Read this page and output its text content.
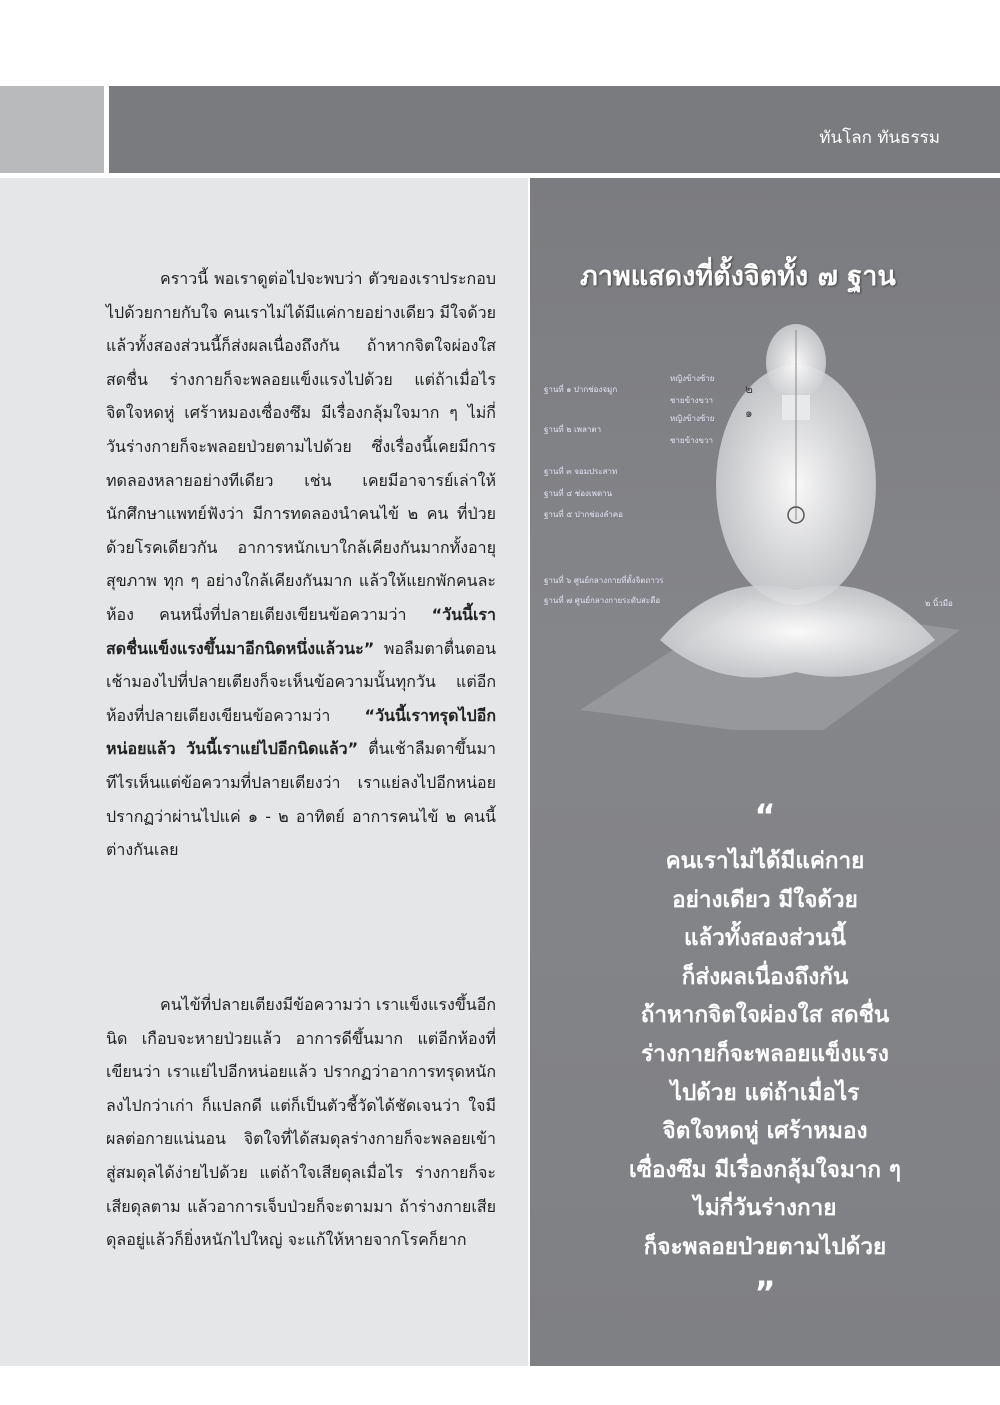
ทันโลก ทันธรรม

คราวนี้ พอเราดูต่อไปจะพบว่า ตัวของเราประกอบไปด้วยกายกับใจ คนเราไม่ได้มีแค่กายอย่างเดียว มีใจด้วย แล้วทั้งสองส่วนนี้ก็ส่งผลเนื่องถึงกัน ถ้าหากจิตใจผ่องใส สดชื่น ร่างกายก็จะพลอยแข็งแรงไปด้วย แต่ถ้าเมื่อไรจิตใจหดหู่ เศร้าหมองเซื่องซึม มีเรื่องกลุ้มใจมาก ๆ ไม่กี่วันร่างกายก็จะพลอยป่วยตามไปด้วย ซึ่งเรื่องนี้เคยมีการทดลองหลายอย่างทีเดียว เช่น เคยมีอาจารย์เล่าให้นักศึกษาแพทย์ฟังว่า มีการทดลองนำคนไข้ ๒ คน ที่ป่วยด้วยโรคเดียวกัน อาการหนักเบาใกล้เคียงกันมากทั้งอายุ สุขภาพ ทุก ๆ อย่างใกล้เคียงกันมาก แล้วให้แยกพักคนละห้อง คนหนึ่งที่ปลายเตียงเขียนข้อความว่า “วันนี้เราสดชื่นแข็งแรงขึ้นมาอีกนิดหนึ่งแล้วนะ” พอลืมตาตื่นตอนเช้ามองไปที่ปลายเตียงก็จะเห็นข้อความนั้นทุกวัน แต่อีกห้องที่ปลายเตียงเขียนข้อความว่า “วันนี้เราทรุดไปอีกหน่อยแล้ว วันนี้เราแย่ไปอีกนิดแล้ว” ตื่นเช้าลืมตาขึ้นมาทีไรเห็นแต่ข้อความที่ปลายเตียงว่า เราแย่ลงไปอีกหน่อย ปรากฏว่าผ่านไปแค่ ๑ - ๒ อาทิตย์ อาการคนไข้ ๒ คนนี้ต่างกันเลย

คนไข้ที่ปลายเตียงมีข้อความว่า เราแข็งแรงขึ้นอีกนิด เกือบจะหายป่วยแล้ว อาการดีขึ้นมาก แต่อีกห้องที่เขียนว่า เราแย่ไปอีกหน่อยแล้ว ปรากฏว่าอาการทรุดหนักลงไปกว่าเก่า ก็แปลกดี แต่ก็เป็นตัวชี้วัดได้ชัดเจนว่า ใจมีผลต่อกายแน่นอน จิตใจที่ได้สมดุลร่างกายก็จะพลอยเข้าสู่สมดุลได้ง่ายไปด้วย แต่ถ้าใจเสียดุลเมื่อไร ร่างกายก็จะเสียดุลตาม แล้วอาการเจ็บป่วยก็จะตามมา ถ้าร่างกายเสียดุลอยู่แล้วก็ยิ่งหนักไปใหญ่ จะแก้ให้หายจากโรคก็ยาก

ภาพแสดงที่ตั้งจิตทั้ง ๗ ฐาน
ฐานที่ ๑ ปากช่องจมูก
หญิงข้างซ้าย
ชายข้างขวา
ฐานที่ ๒ เพลาตา
หญิงข้างซ้าย
ชายข้างขวา
ฐานที่ ๓ จอมประสาท
ฐานที่ ๔ ช่องเพดาน
ฐานที่ ๕ ปากช่องลำคอ
ฐานที่ ๖ ศูนย์กลางกายที่ตั้งจิตถาวร
ฐานที่ ๗ ศูนย์กลางกายระดับสะดือ	๒ นิ้วมือ
๒
๑
“
คนเราไม่ได้มีแค่กาย
อย่างเดียว มีใจด้วย
แล้วทั้งสองส่วนนี้
ก็ส่งผลเนื่องถึงกัน
ถ้าหากจิตใจผ่องใส สดชื่น
ร่างกายก็จะพลอยแข็งแรง
ไปด้วย แต่ถ้าเมื่อไร
จิตใจหดหู่ เศร้าหมอง
เซื่องซึม มีเรื่องกลุ้มใจมาก ๆ
ไม่กี่วันร่างกาย
ก็จะพลอยป่วยตามไปด้วย
”
